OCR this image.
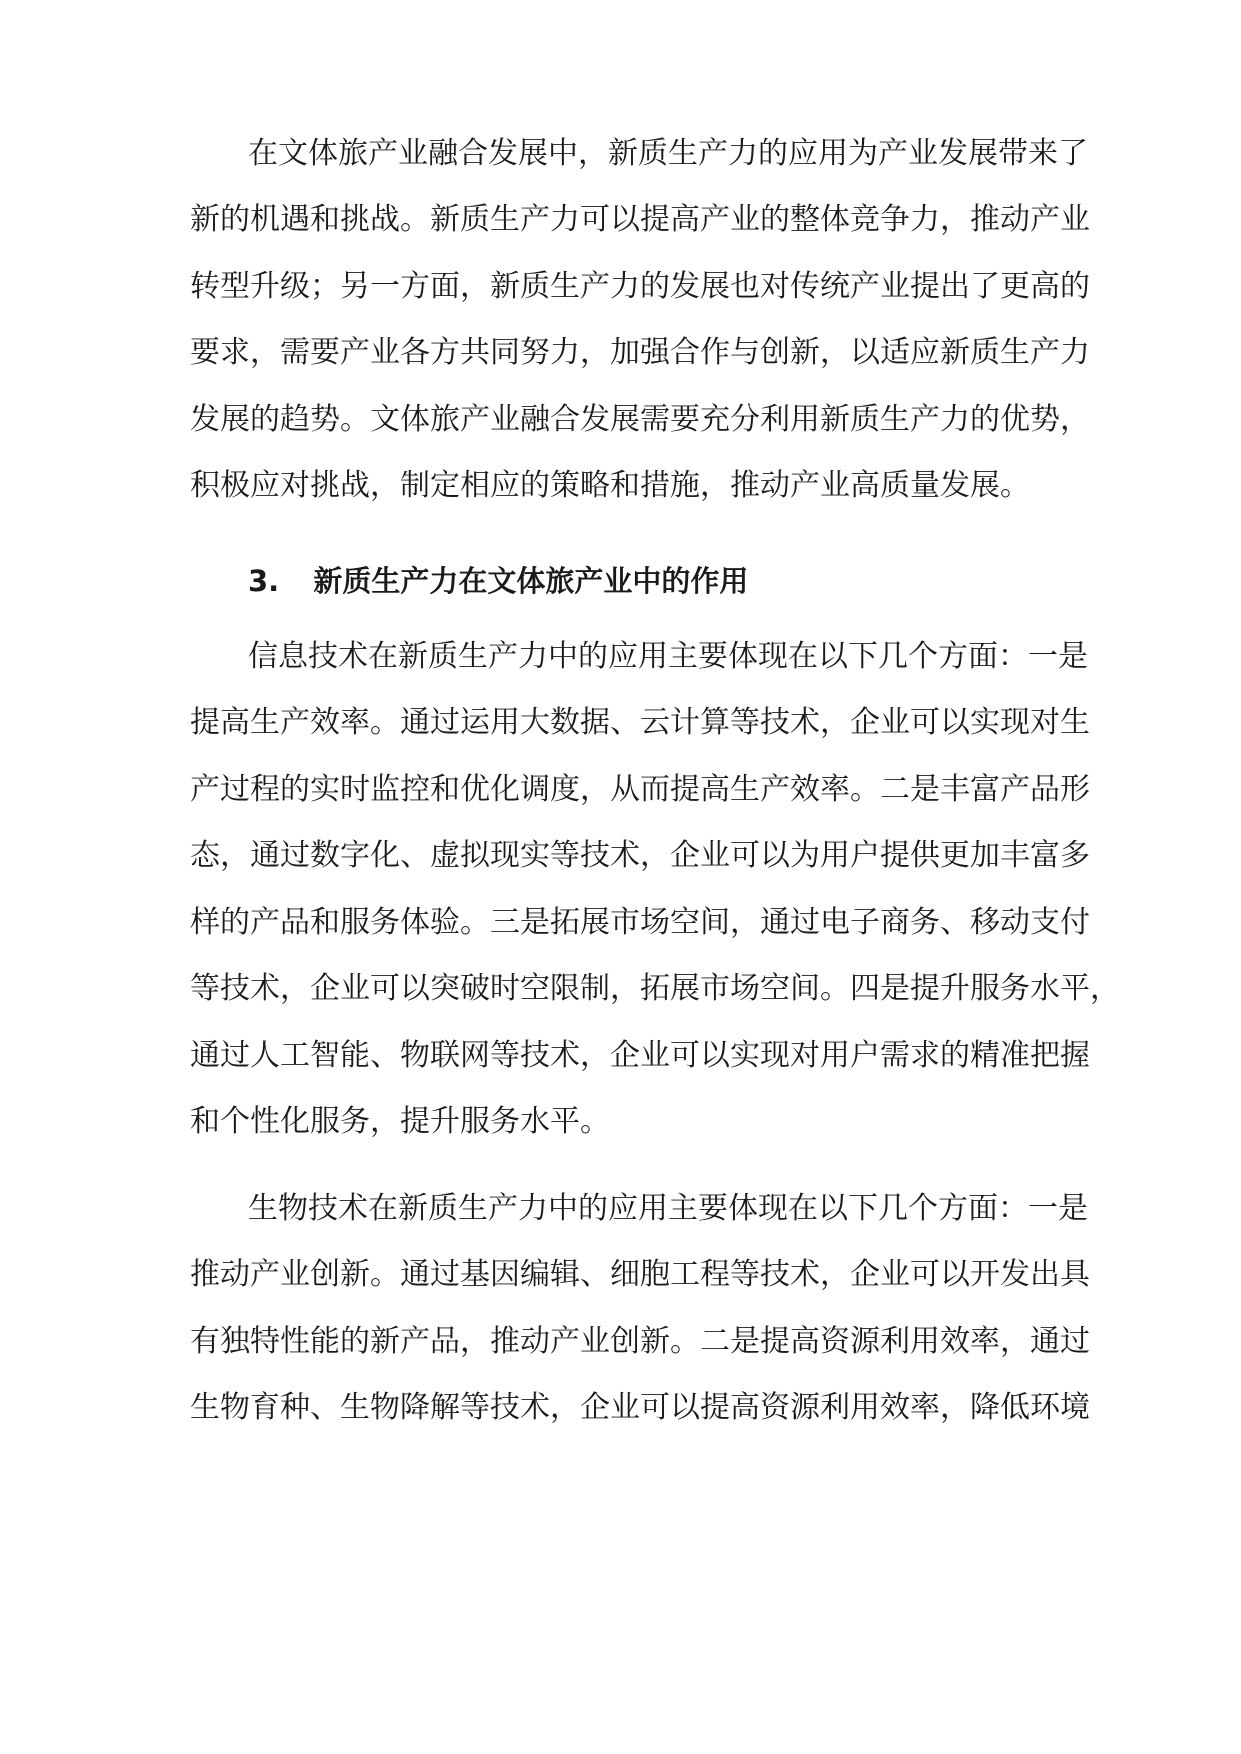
在文体旅产业融合发展中，新质生产力的应用为产业发展带来了

新的机遇和挑战。新质生产力可以提高产业的整体竞争力，推动产业

转型升级；另一方面，新质生产力的发展也对传统产业提出了更高的

要求，需要产业各方共同努力，加强合作与创新，以适应新质生产力

发展的趋势。文体旅产业融合发展需要充分利用新质生产力的优势，

积极应对挑战，制定相应的策略和措施，推动产业高质量发展。

3. 新质生产力在文体旅产业中的作用

信息技术在新质生产力中的应用主要体现在以下几个方面：一是

提高生产效率。通过运用大数据、云计算等技术，企业可以实现对生

产过程的实时监控和优化调度，从而提高生产效率。二是丰富产品形

态，通过数字化、虚拟现实等技术，企业可以为用户提供更加丰富多

样的产品和服务体验。三是拓展市场空间，通过电子商务、移动支付

等技术，企业可以突破时空限制，拓展市场空间。四是提升服务水平，

通过人工智能、物联网等技术，企业可以实现对用户需求的精准把握

和个性化服务，提升服务水平。

生物技术在新质生产力中的应用主要体现在以下几个方面：一是

推动产业创新。通过基因编辑、细胞工程等技术，企业可以开发出具

有独特性能的新产品，推动产业创新。二是提高资源利用效率，通过

生物育种、生物降解等技术，企业可以提高资源利用效率，降低环境
